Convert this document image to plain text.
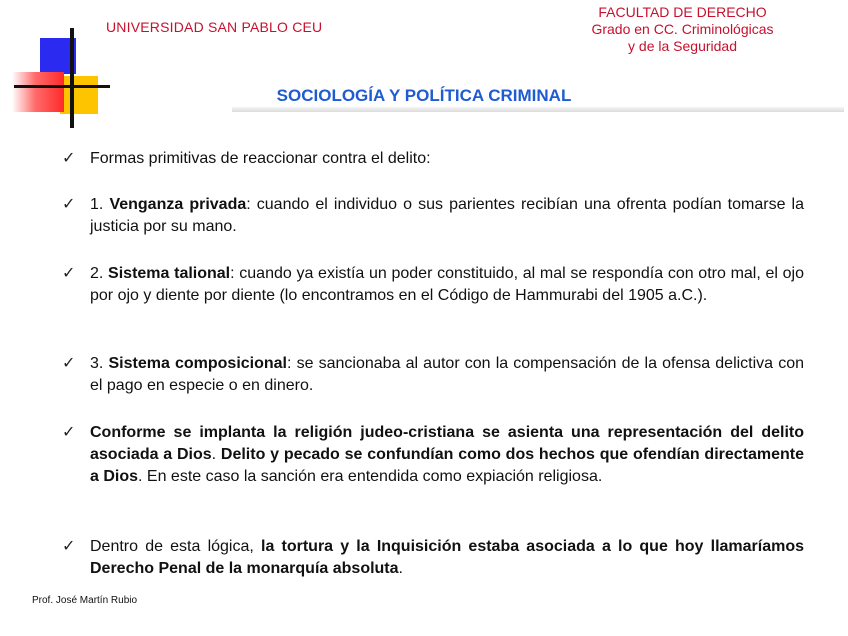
UNIVERSIDAD SAN PABLO CEU
FACULTAD DE DERECHO
Grado en CC. Criminológicas
y de la Seguridad
SOCIOLOGÍA Y POLÍTICA CRIMINAL
✓ Formas primitivas de reaccionar contra el delito:
✓ 1. Venganza privada: cuando el individuo o sus parientes recibían una ofrenta podían tomarse la justicia por su mano.
✓ 2. Sistema talional: cuando ya existía un poder constituido, al mal se respondía con otro mal, el ojo por ojo y diente por diente (lo encontramos en el Código de Hammurabi del 1905 a.C.).
✓ 3. Sistema composicional: se sancionaba al autor con la compensación de la ofensa delictiva con el pago en especie o en dinero.
✓ Conforme se implanta la religión judeo-cristiana se asienta una representación del delito asociada a Dios. Delito y pecado se confundían como dos hechos que ofendían directamente a Dios. En este caso la sanción era entendida como expiación religiosa.
✓ Dentro de esta lógica, la tortura y la Inquisición estaba asociada a lo que hoy llamaríamos Derecho Penal de la monarquía absoluta.
Prof. José Martín Rubio
